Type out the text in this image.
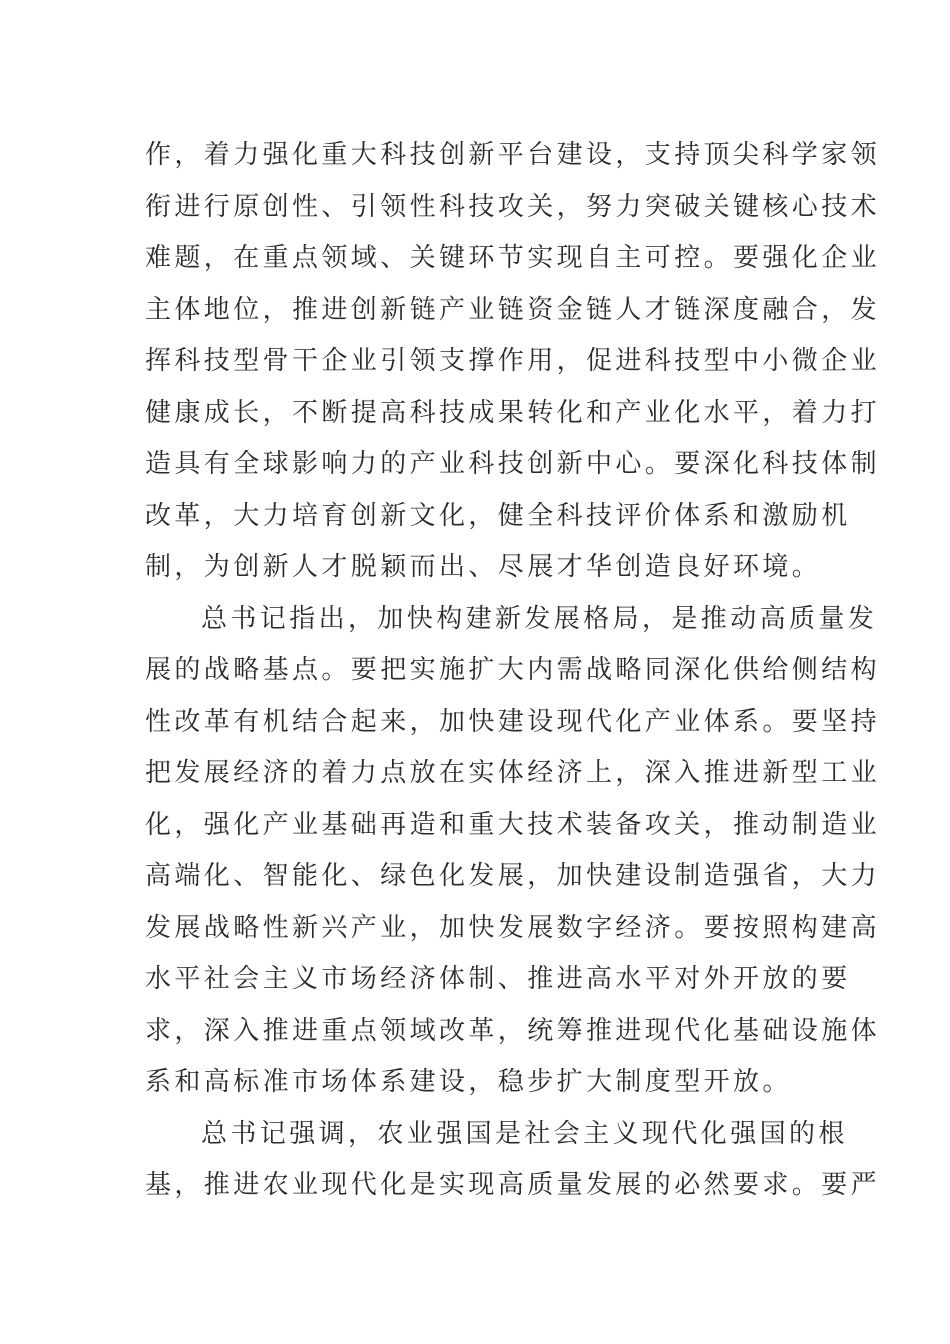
作，着力强化重大科技创新平台建设，支持顶尖科学家领
衔进行原创性、引领性科技攻关，努力突破关键核心技术
难题，在重点领域、关键环节实现自主可控。要强化企业
主体地位，推进创新链产业链资金链人才链深度融合，发
挥科技型骨干企业引领支撑作用，促进科技型中小微企业
健康成长，不断提高科技成果转化和产业化水平，着力打
造具有全球影响力的产业科技创新中心。要深化科技体制
改革，大力培育创新文化，健全科技评价体系和激励机
制，为创新人才脱颖而出、尽展才华创造良好环境。
总书记指出，加快构建新发展格局，是推动高质量发
展的战略基点。要把实施扩大内需战略同深化供给侧结构
性改革有机结合起来，加快建设现代化产业体系。要坚持
把发展经济的着力点放在实体经济上，深入推进新型工业
化，强化产业基础再造和重大技术装备攻关，推动制造业
高端化、智能化、绿色化发展，加快建设制造强省，大力
发展战略性新兴产业，加快发展数字经济。要按照构建高
水平社会主义市场经济体制、推进高水平对外开放的要
求，深入推进重点领域改革，统筹推进现代化基础设施体
系和高标准市场体系建设，稳步扩大制度型开放。
总书记强调，农业强国是社会主义现代化强国的根
基，推进农业现代化是实现高质量发展的必然要求。要严
